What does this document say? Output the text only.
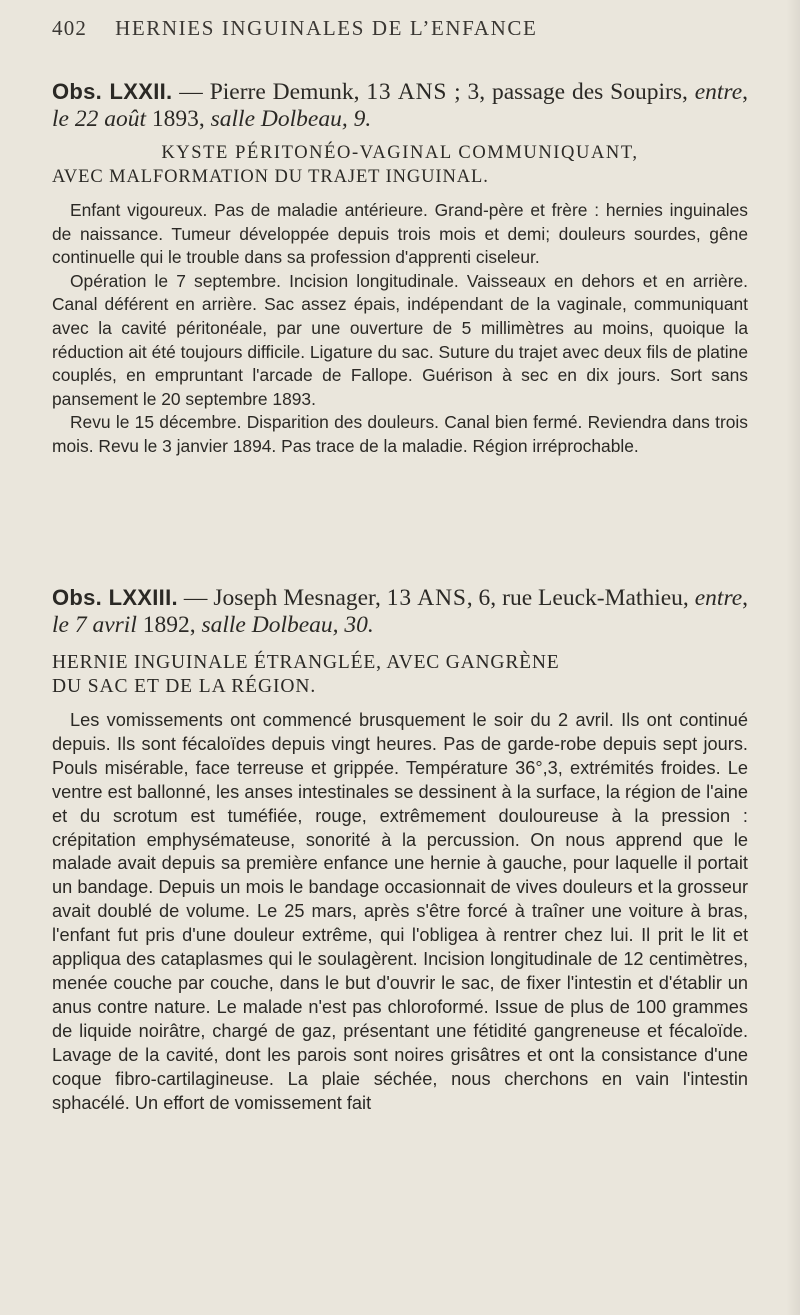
402 HERNIES INGUINALES DE L’ENFANCE

Obs. LXXII. — Pierre Demunk, 13 ANS ; 3, passage des Soupirs, entre, le 22 août 1893, salle Dolbeau, 9.

KYSTE PÉRITONÉO-VAGINAL COMMUNIQUANT,
AVEC MALFORMATION DU TRAJET INGUINAL.

Enfant vigoureux. Pas de maladie antérieure. Grand-père et frère : hernies inguinales de naissance. Tumeur développée depuis trois mois et demi; douleurs sourdes, gêne continuelle qui le trouble dans sa profession d'apprenti ciseleur.

Opération le 7 septembre. Incision longitudinale. Vaisseaux en dehors et en arrière. Canal déférent en arrière. Sac assez épais, indépendant de la vaginale, communiquant avec la cavité péritonéale, par une ouverture de 5 millimètres au moins, quoique la réduction ait été toujours difficile. Ligature du sac. Suture du trajet avec deux fils de platine couplés, en empruntant l'arcade de Fallope. Guérison à sec en dix jours. Sort sans pansement le 20 septembre 1893.

Revu le 15 décembre. Disparition des douleurs. Canal bien fermé. Reviendra dans trois mois. Revu le 3 janvier 1894. Pas trace de la maladie. Région irréprochable.

Obs. LXXIII. — Joseph Mesnager, 13 ANS, 6, rue Leuck-Mathieu, entre, le 7 avril 1892, salle Dolbeau, 30.

HERNIE INGUINALE ÉTRANGLÉE, AVEC GANGRÈNE
DU SAC ET DE LA RÉGION.

Les vomissements ont commencé brusquement le soir du 2 avril. Ils ont continué depuis. Ils sont fécaloïdes depuis vingt heures. Pas de garde-robe depuis sept jours. Pouls misérable, face terreuse et grippée. Température 36°,3, extrémités froides. Le ventre est ballonné, les anses intestinales se dessinent à la surface, la région de l'aine et du scrotum est tuméfiée, rouge, extrêmement douloureuse à la pression : crépitation emphysémateuse, sonorité à la percussion. On nous apprend que le malade avait depuis sa première enfance une hernie à gauche, pour laquelle il portait un bandage. Depuis un mois le bandage occasionnait de vives douleurs et la grosseur avait doublé de volume. Le 25 mars, après s'être forcé à traîner une voiture à bras, l'enfant fut pris d'une douleur extrême, qui l'obligea à rentrer chez lui. Il prit le lit et appliqua des cataplasmes qui le soulagèrent. Incision longitudinale de 12 centimètres, menée couche par couche, dans le but d'ouvrir le sac, de fixer l'intestin et d'établir un anus contre nature. Le malade n'est pas chloroformé. Issue de plus de 100 grammes de liquide noirâtre, chargé de gaz, présentant une fétidité gangreneuse et fécaloïde. Lavage de la cavité, dont les parois sont noires grisâtres et ont la consistance d'une coque fibro-cartilagineuse. La plaie séchée, nous cherchons en vain l'intestin sphacélé. Un effort de vomissement fait
